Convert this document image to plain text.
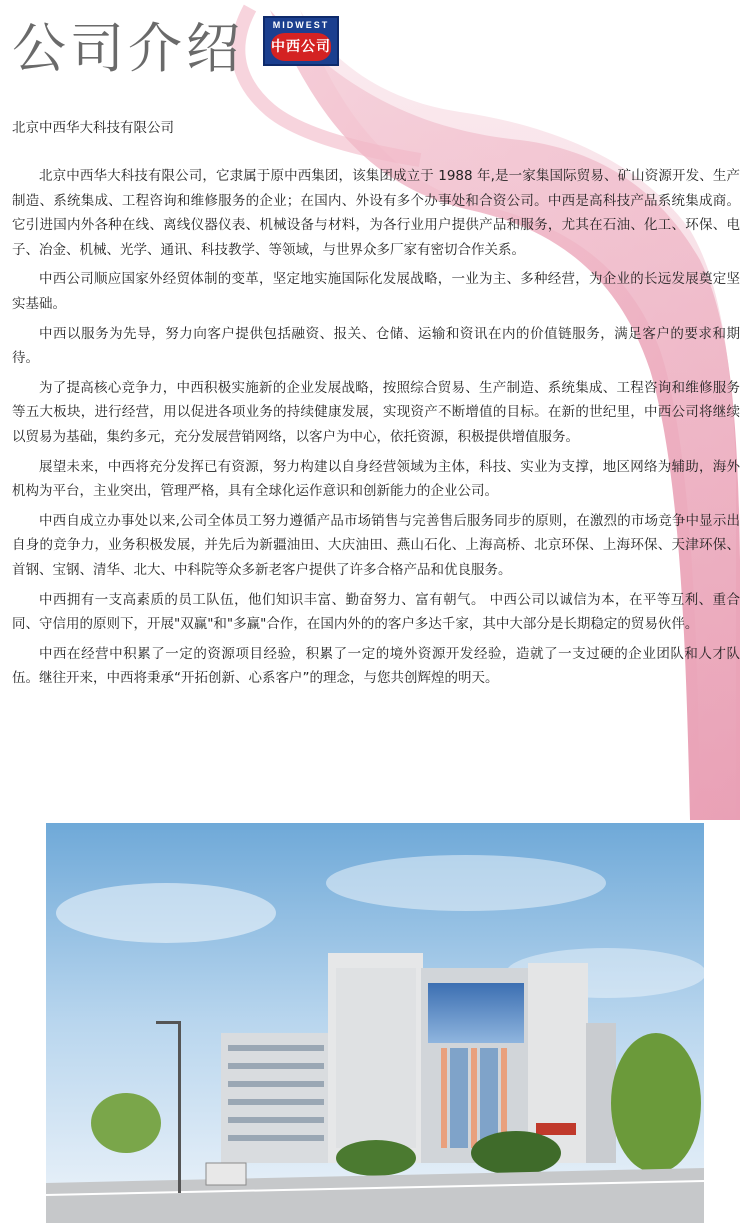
公司介绍	MIDWEST
中西公司
北京中西华大科技有限公司

北京中西华大科技有限公司，它隶属于原中西集团，该集团成立于 1988 年,是一家集国际贸易、矿山资源开发、生产制造、系统集成、工程咨询和维修服务的企业；在国内、外设有多个办事处和合资公司。中西是高科技产品系统集成商。它引进国内外各种在线、离线仪器仪表、机械设备与材料，为各行业用户提供产品和服务，尤其在石油、化工、环保、电子、冶金、机械、光学、通讯、科技教学、等领域，与世界众多厂家有密切合作关系。

中西公司顺应国家外经贸体制的变革，坚定地实施国际化发展战略，一业为主、多种经营，为企业的长远发展奠定坚实基础。

中西以服务为先导，努力向客户提供包括融资、报关、仓储、运输和资讯在内的价值链服务，满足客户的要求和期待。

为了提高核心竞争力，中西积极实施新的企业发展战略，按照综合贸易、生产制造、系统集成、工程咨询和维修服务等五大板块，进行经营，用以促进各项业务的持续健康发展，实现资产不断增值的目标。在新的世纪里，中西公司将继续以贸易为基础，集约多元，充分发展营销网络，以客户为中心，依托资源，积极提供增值服务。

展望未来，中西将充分发挥已有资源，努力构建以自身经营领域为主体，科技、实业为支撑，地区网络为辅助，海外机构为平台，主业突出，管理严格，具有全球化运作意识和创新能力的企业公司。

中西自成立办事处以来,公司全体员工努力遵循产品市场销售与完善售后服务同步的原则，在激烈的市场竞争中显示出自身的竞争力，业务积极发展，并先后为新疆油田、大庆油田、燕山石化、上海高桥、北京环保、上海环保、天津环保、首钢、宝钢、清华、北大、中科院等众多新老客户提供了许多合格产品和优良服务。

中西拥有一支高素质的员工队伍，他们知识丰富、勤奋努力、富有朝气。 中西公司以诚信为本，在平等互利、重合同、守信用的原则下，开展"双赢"和"多赢"合作，在国内外的的客户多达千家，其中大部分是长期稳定的贸易伙伴。

中西在经营中积累了一定的资源项目经验，积累了一定的境外资源开发经验，造就了一支过硬的企业团队和人才队伍。继往开来，中西将秉承“开拓创新、心系客户”的理念，与您共创辉煌的明天。
